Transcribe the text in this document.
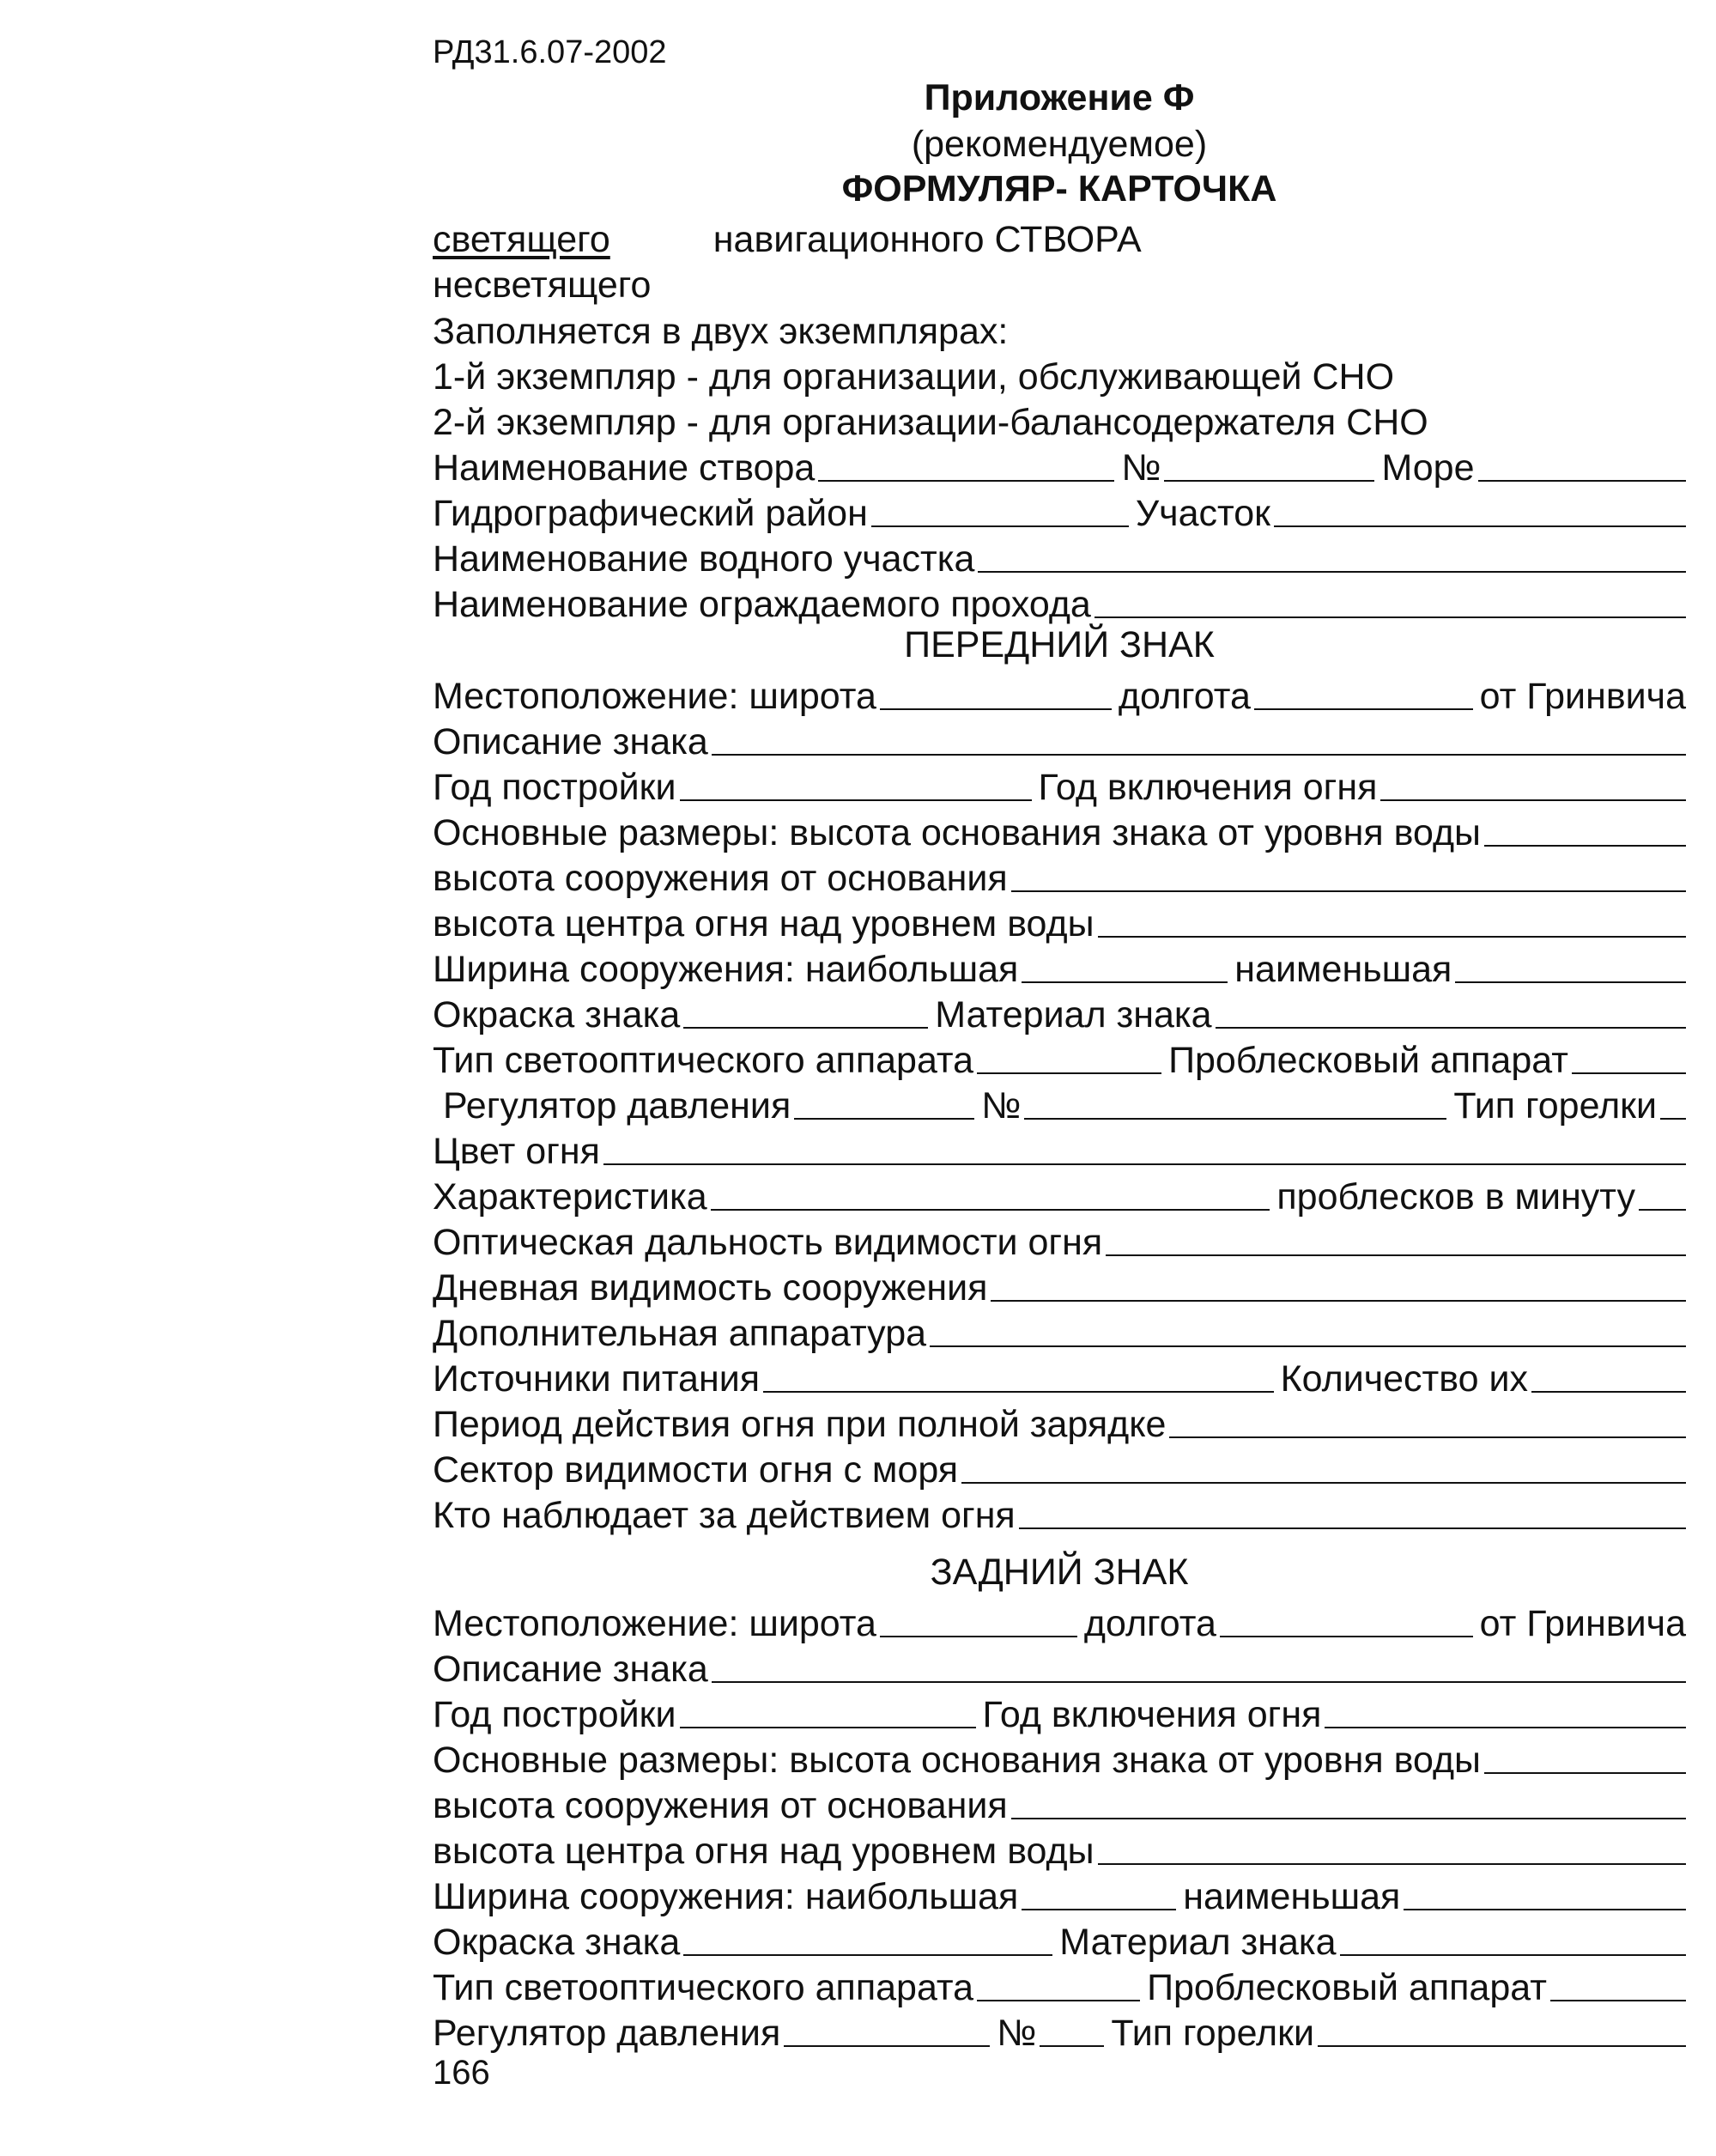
РД31.6.07-2002
Приложение Ф
(рекомендуемое)
ФОРМУЛЯР- КАРТОЧКА
светящего	навигационного СТВОРА
несветящего
Заполняется в двух экземплярах:
1-й экземпляр - для организации, обслуживающей СНО
2-й экземпляр - для организации-балансодержателя СНО
Наименование створа	№	Море
Гидрографический район	Участок
Наименование водного участка
Наименование ограждаемого прохода
ПЕРЕДНИЙ ЗНАК
Местоположение: широта	долгота	от Гринвича
Описание знака
Год постройки	Год включения огня
Основные размеры: высота основания знака от уровня воды
высота сооружения от основания
высота центра огня над уровнем воды
Ширина сооружения: наибольшая	наименьшая
Окраска знака	Материал знака
Тип светооптического аппарата	Проблесковый аппарат
Регулятор давления	№	Тип горелки
Цвет огня
Характеристика	проблесков в минуту
Оптическая дальность видимости огня
Дневная видимость сооружения
Дополнительная аппаратура
Источники питания	Количество их
Период действия огня при полной зарядке
Сектор видимости огня с моря
Кто наблюдает за действием огня
ЗАДНИЙ ЗНАК
Местоположение: широта	долгота	от Гринвича
Описание знака
Год постройки	Год включения огня
Основные размеры: высота основания знака от уровня воды
высота сооружения от основания
высота центра огня над уровнем воды
Ширина сооружения: наибольшая	наименьшая
Окраска знака	Материал знака
Тип светооптического аппарата	Проблесковый аппарат
Регулятор давления	№ Тип горелки
166
